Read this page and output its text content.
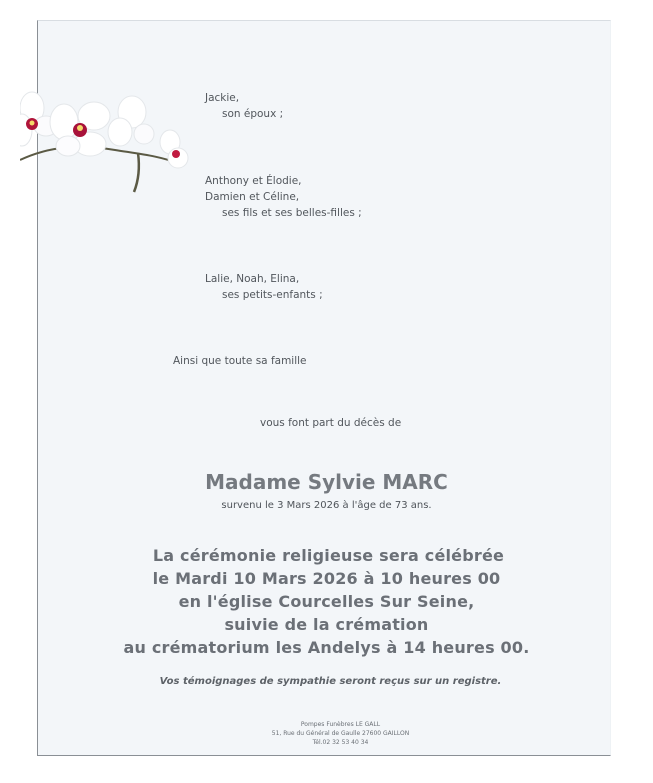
Jackie,
son époux ;
Anthony et Élodie,
Damien et Céline,
ses fils et ses belles-filles ;
Lalie, Noah, Elina,
ses petits-enfants ;
Ainsi que toute sa famille
vous font part du décès de
Madame Sylvie MARC
survenu le 3 Mars 2026 à l'âge de 73 ans.
La cérémonie religieuse sera célébrée
le Mardi 10 Mars 2026 à 10 heures 00
en l'église Courcelles Sur Seine,
suivie de la crémation
au crématorium les Andelys à 14 heures 00.
Vos témoignages de sympathie seront reçus sur un registre.
Pompes Funèbres LE GALL
51, Rue du Général de Gaulle 27600 GAILLON
Tél.02 32 53 40 34
